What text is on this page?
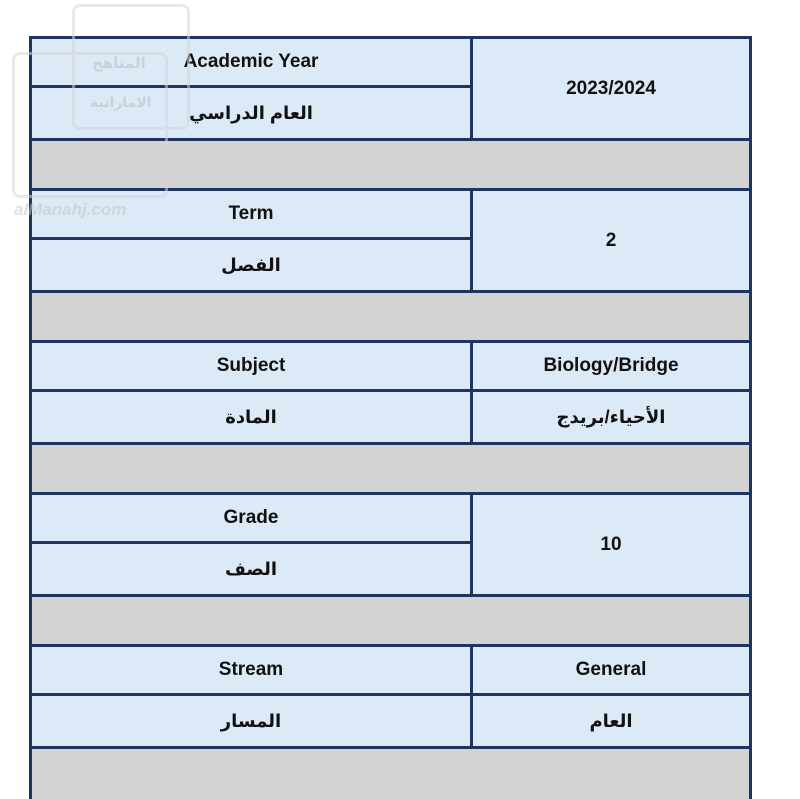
المناهج
الاماراتية
alManahj.com
Academic Year
العام الدراسي
2023/2024
Term
الفصل
2
Subject
المادة
Biology/Bridge
الأحياء/بريدج
Grade
الصف
10
Stream
المسار
General
العام
